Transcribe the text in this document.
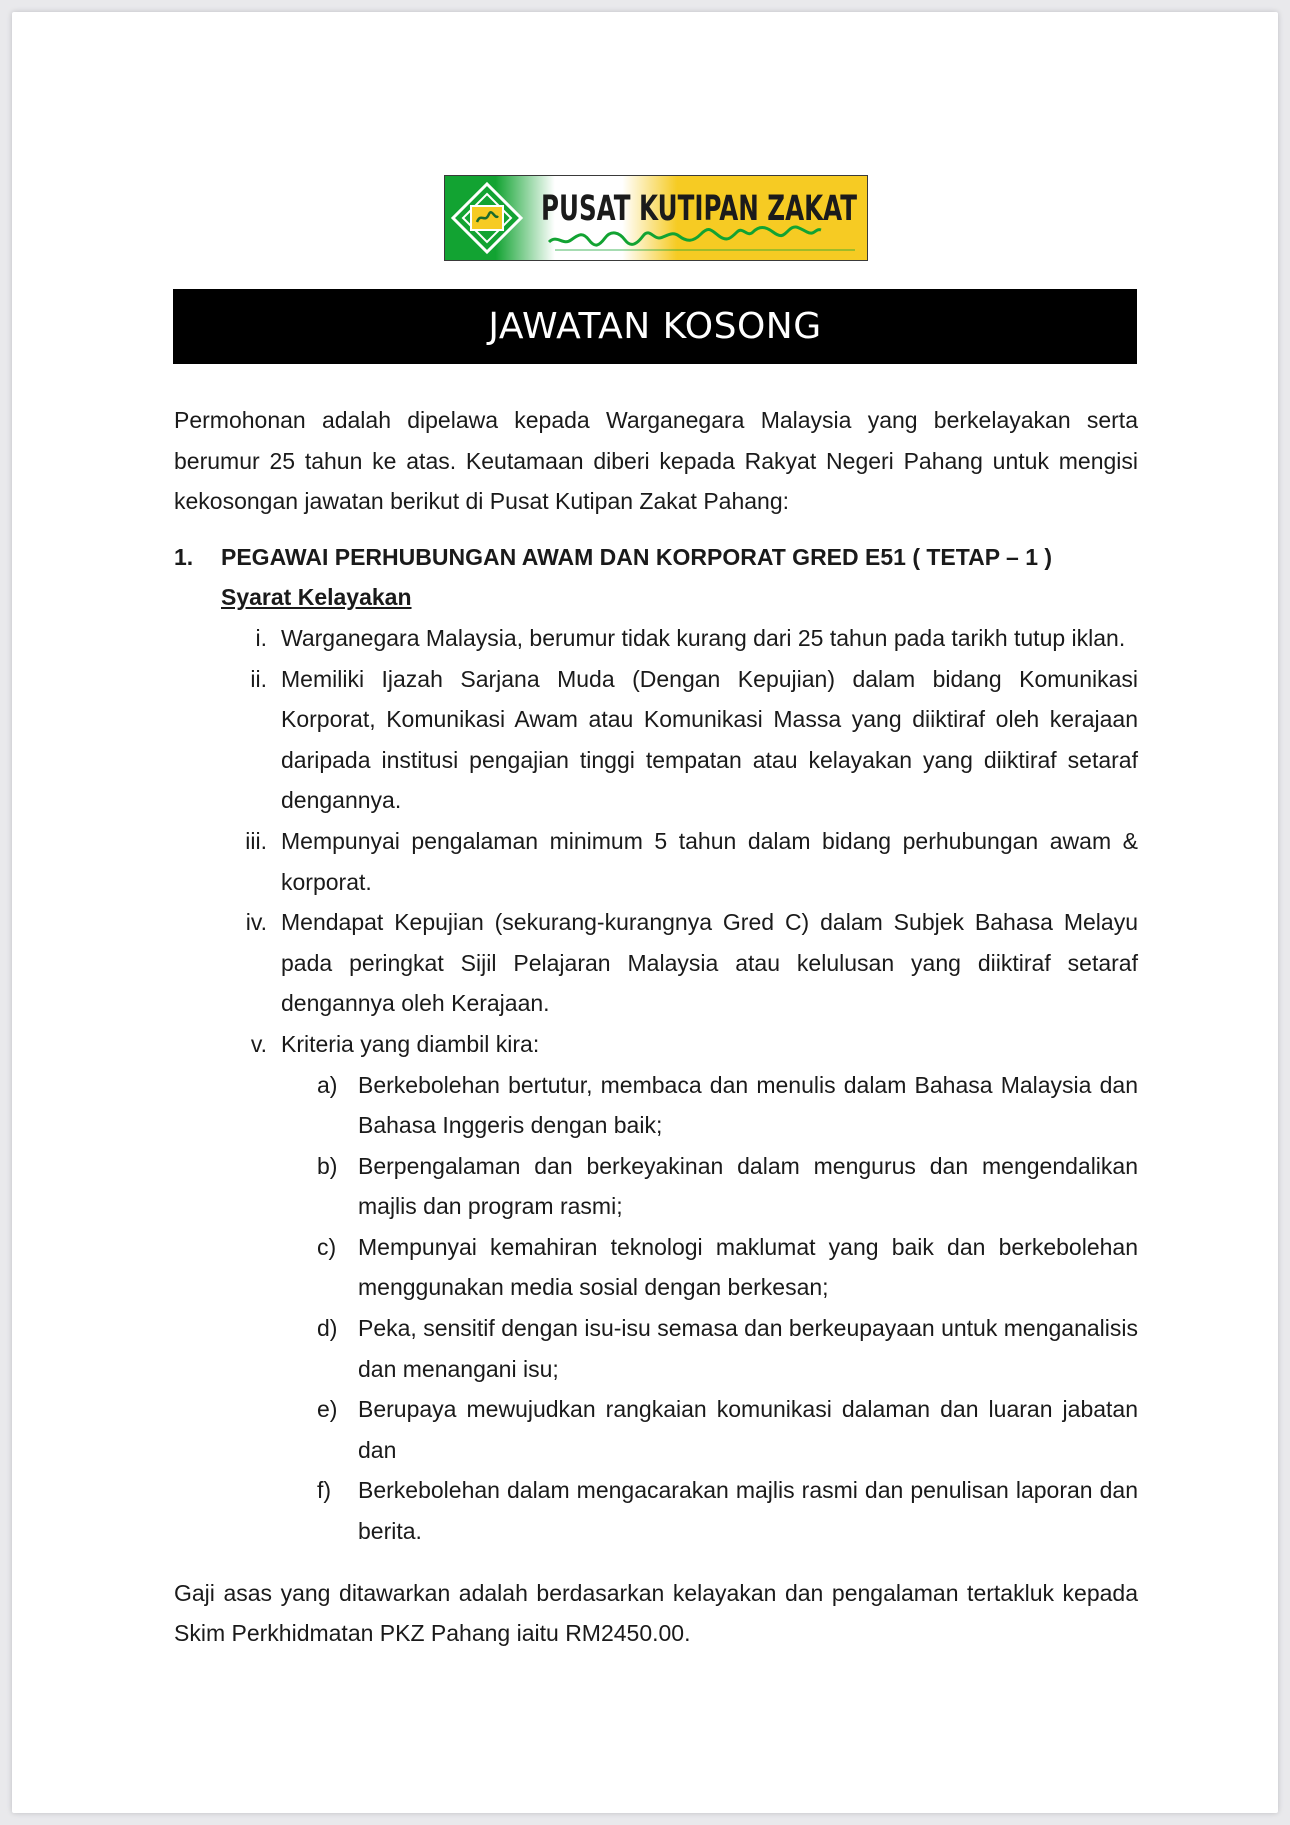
PUSAT KUTIPAN ZAKAT
JAWATAN KOSONG

Permohonan adalah dipelawa kepada Warganegara Malaysia yang berkelayakan serta berumur 25 tahun ke atas. Keutamaan diberi kepada Rakyat Negeri Pahang untuk mengisi kekosongan jawatan berikut di Pusat Kutipan Zakat Pahang:

1. PEGAWAI PERHUBUNGAN AWAM DAN KORPORAT GRED E51 ( TETAP – 1 )
Syarat Kelayakan
i. Warganegara Malaysia, berumur tidak kurang dari 25 tahun pada tarikh tutup iklan.
ii. Memiliki Ijazah Sarjana Muda (Dengan Kepujian) dalam bidang Komunikasi Korporat, Komunikasi Awam atau Komunikasi Massa yang diiktiraf oleh kerajaan daripada institusi pengajian tinggi tempatan atau kelayakan yang diiktiraf setaraf dengannya.
iii. Mempunyai pengalaman minimum 5 tahun dalam bidang perhubungan awam & korporat.
iv. Mendapat Kepujian (sekurang-kurangnya Gred C) dalam Subjek Bahasa Melayu pada peringkat Sijil Pelajaran Malaysia atau kelulusan yang diiktiraf setaraf dengannya oleh Kerajaan.
v. Kriteria yang diambil kira:
a) Berkebolehan bertutur, membaca dan menulis dalam Bahasa Malaysia dan Bahasa Inggeris dengan baik;
b) Berpengalaman dan berkeyakinan dalam mengurus dan mengendalikan majlis dan program rasmi;
c) Mempunyai kemahiran teknologi maklumat yang baik dan berkebolehan menggunakan media sosial dengan berkesan;
d) Peka, sensitif dengan isu-isu semasa dan berkeupayaan untuk menganalisis dan menangani isu;
e) Berupaya mewujudkan rangkaian komunikasi dalaman dan luaran jabatan dan
f) Berkebolehan dalam mengacarakan majlis rasmi dan penulisan laporan dan berita.

Gaji asas yang ditawarkan adalah berdasarkan kelayakan dan pengalaman tertakluk kepada Skim Perkhidmatan PKZ Pahang iaitu RM2450.00.
